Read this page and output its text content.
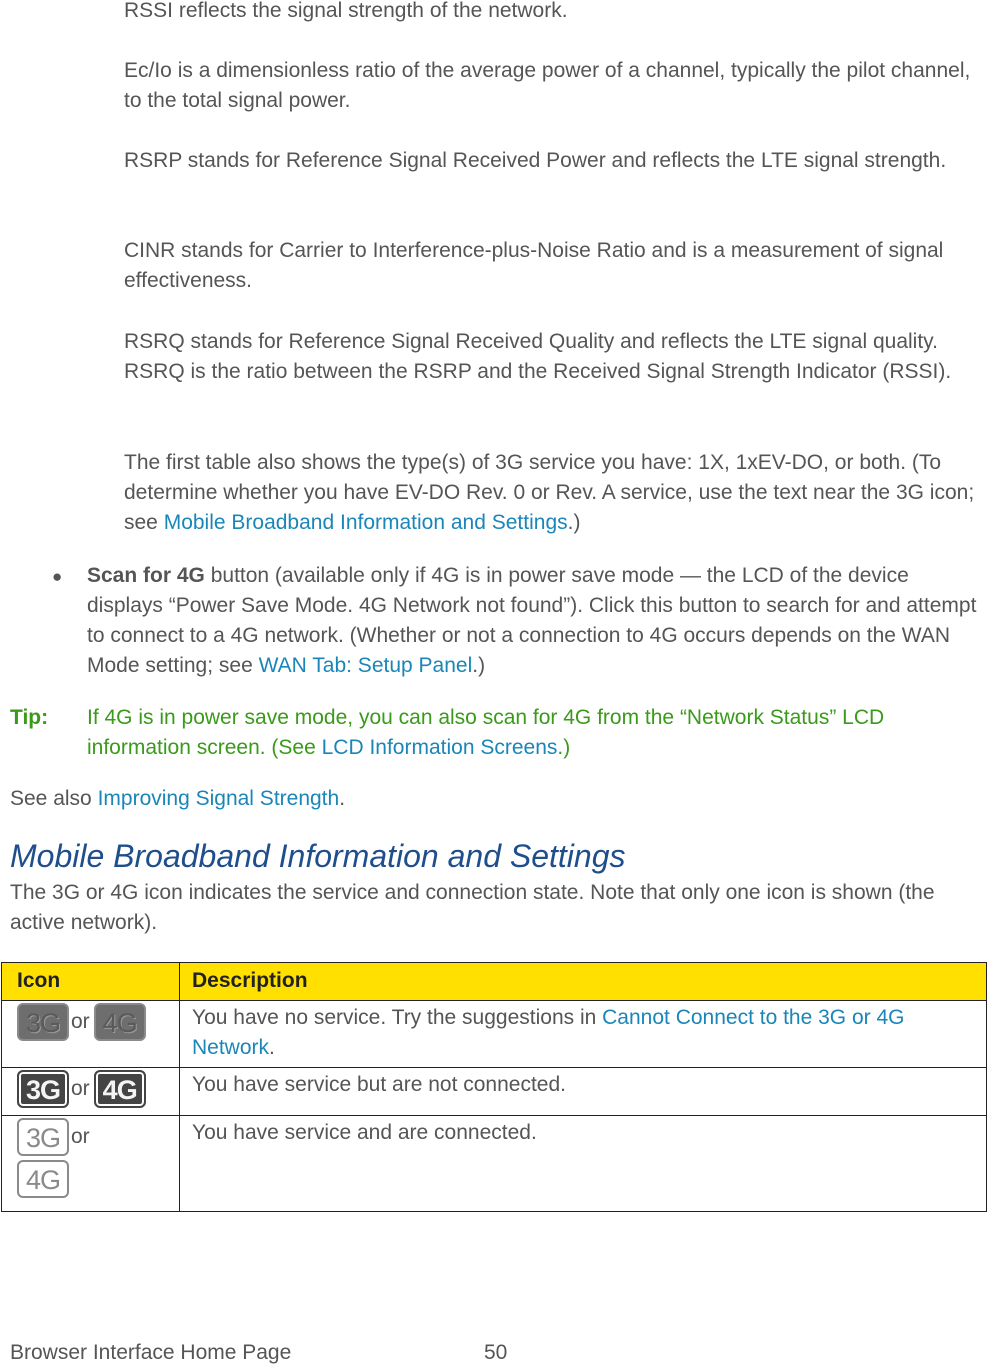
RSSI reflects the signal strength of the network.

Ec/Io is a dimensionless ratio of the average power of a channel, typically the pilot channel, to the total signal power.

RSRP stands for Reference Signal Received Power and reflects the LTE signal strength.

CINR stands for Carrier to Interference-plus-Noise Ratio and is a measurement of signal effectiveness.

RSRQ stands for Reference Signal Received Quality and reflects the LTE signal quality. RSRQ is the ratio between the RSRP and the Received Signal Strength Indicator (RSSI).

The first table also shows the type(s) of 3G service you have: 1X, 1xEV-DO, or both. (To determine whether you have EV-DO Rev. 0 or Rev. A service, use the text near the 3G icon; see Mobile Broadband Information and Settings.)

● Scan for 4G button (available only if 4G is in power save mode — the LCD of the device displays “Power Save Mode. 4G Network not found”). Click this button to search for and attempt to connect to a 4G network. (Whether or not a connection to 4G occurs depends on the WAN Mode setting; see WAN Tab: Setup Panel.)

Tip: If 4G is in power save mode, you can also scan for 4G from the “Network Status” LCD information screen. (See LCD Information Screens.)

See also Improving Signal Strength.

Mobile Broadband Information and Settings

The 3G or 4G icon indicates the service and connection state. Note that only one icon is shown (the active network).

Icon	Description
3G or 4G	You have no service. Try the suggestions in Cannot Connect to the 3G or 4G Network.
3G or 4G	You have service but are not connected.
3G or
4G	You have service and are connected.

Browser Interface Home Page	50
